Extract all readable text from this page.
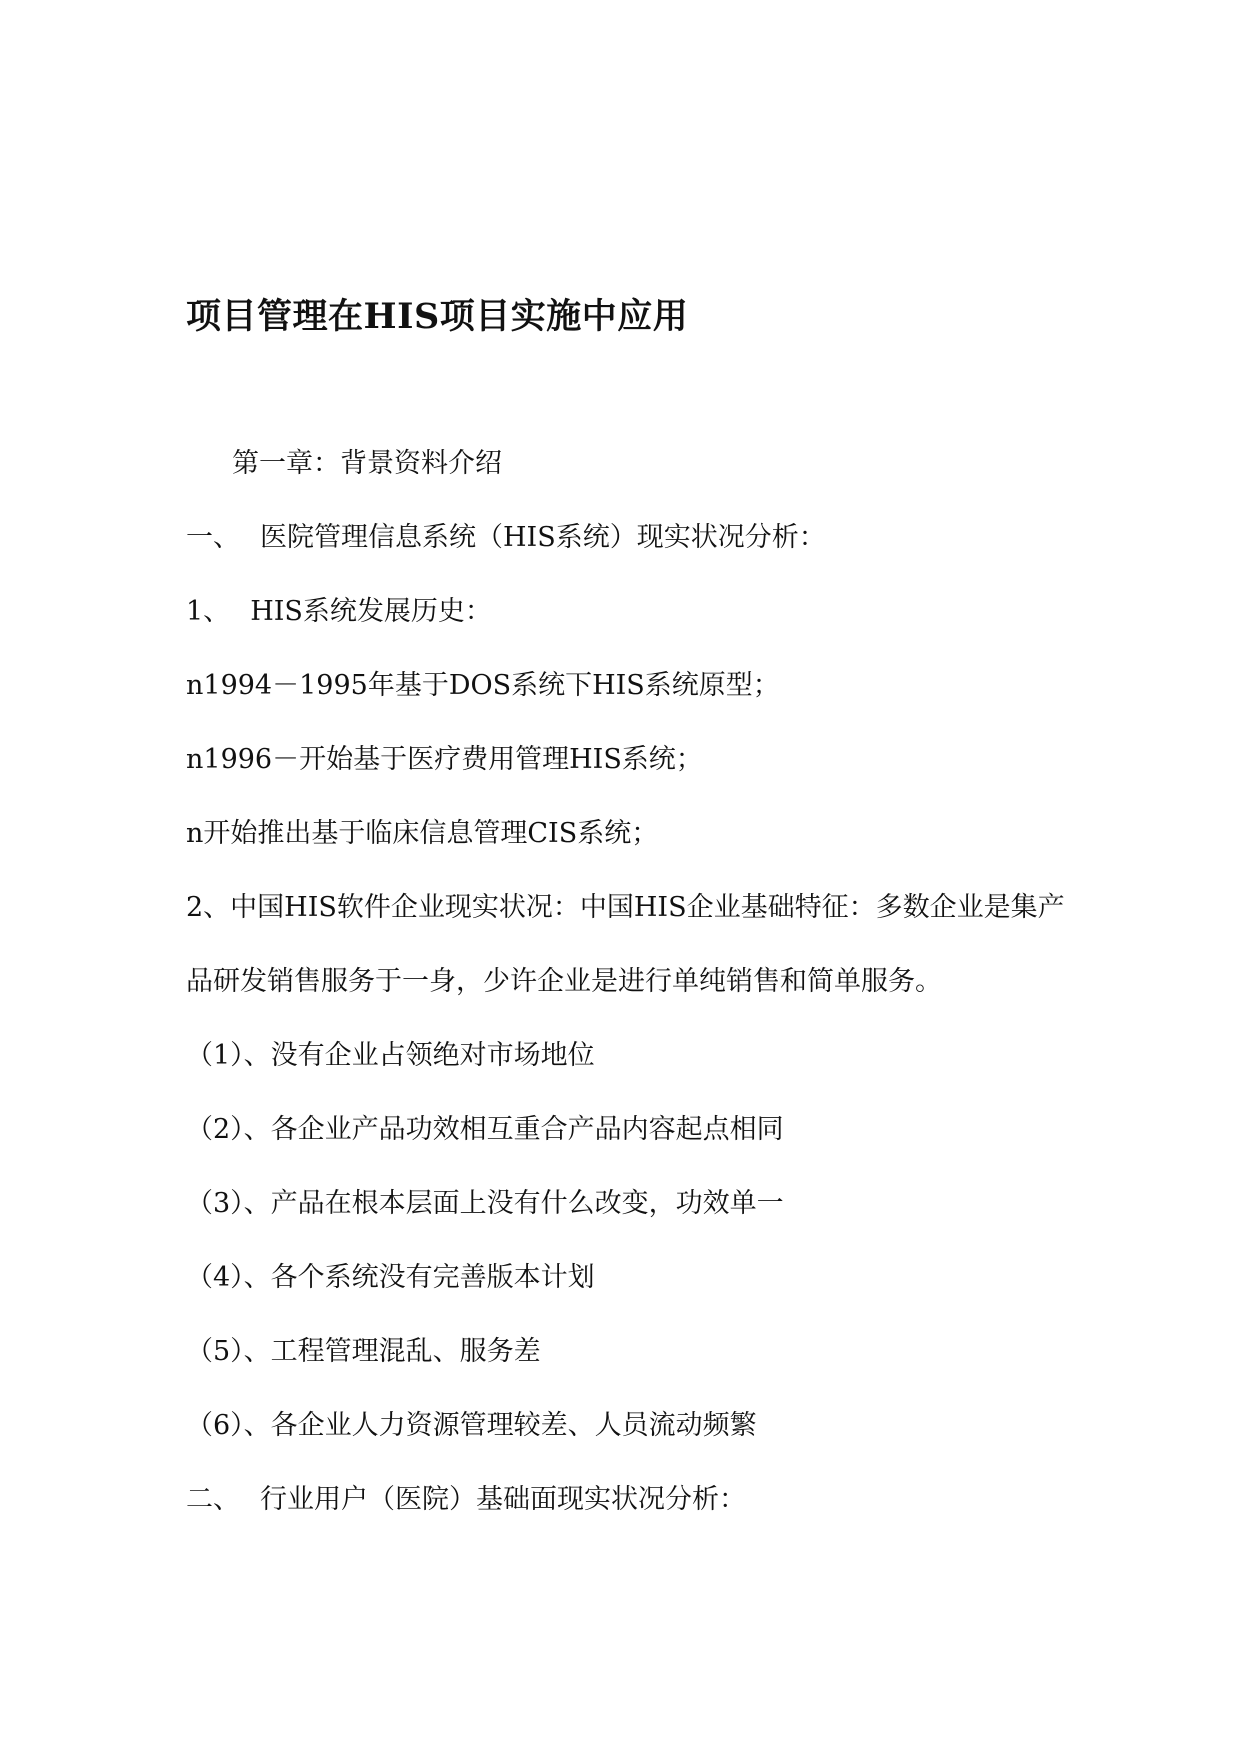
项目管理在HIS项目实施中应用
第一章：背景资料介绍
一、 医院管理信息系统（HIS系统）现实状况分析：
1、 HIS系统发展历史：
n1994－1995年基于DOS系统下HIS系统原型；
n1996－开始基于医疗费用管理HIS系统；
n开始推出基于临床信息管理CIS系统；
2、中国HIS软件企业现实状况：中国HIS企业基础特征：多数企业是集产
品研发销售服务于一身，少许企业是进行单纯销售和简单服务。
（1）、没有企业占领绝对市场地位
（2）、各企业产品功效相互重合产品内容起点相同
（3）、产品在根本层面上没有什么改变，功效单一
（4）、各个系统没有完善版本计划
（5）、工程管理混乱、服务差
（6）、各企业人力资源管理较差、人员流动频繁
二、 行业用户（医院）基础面现实状况分析：
